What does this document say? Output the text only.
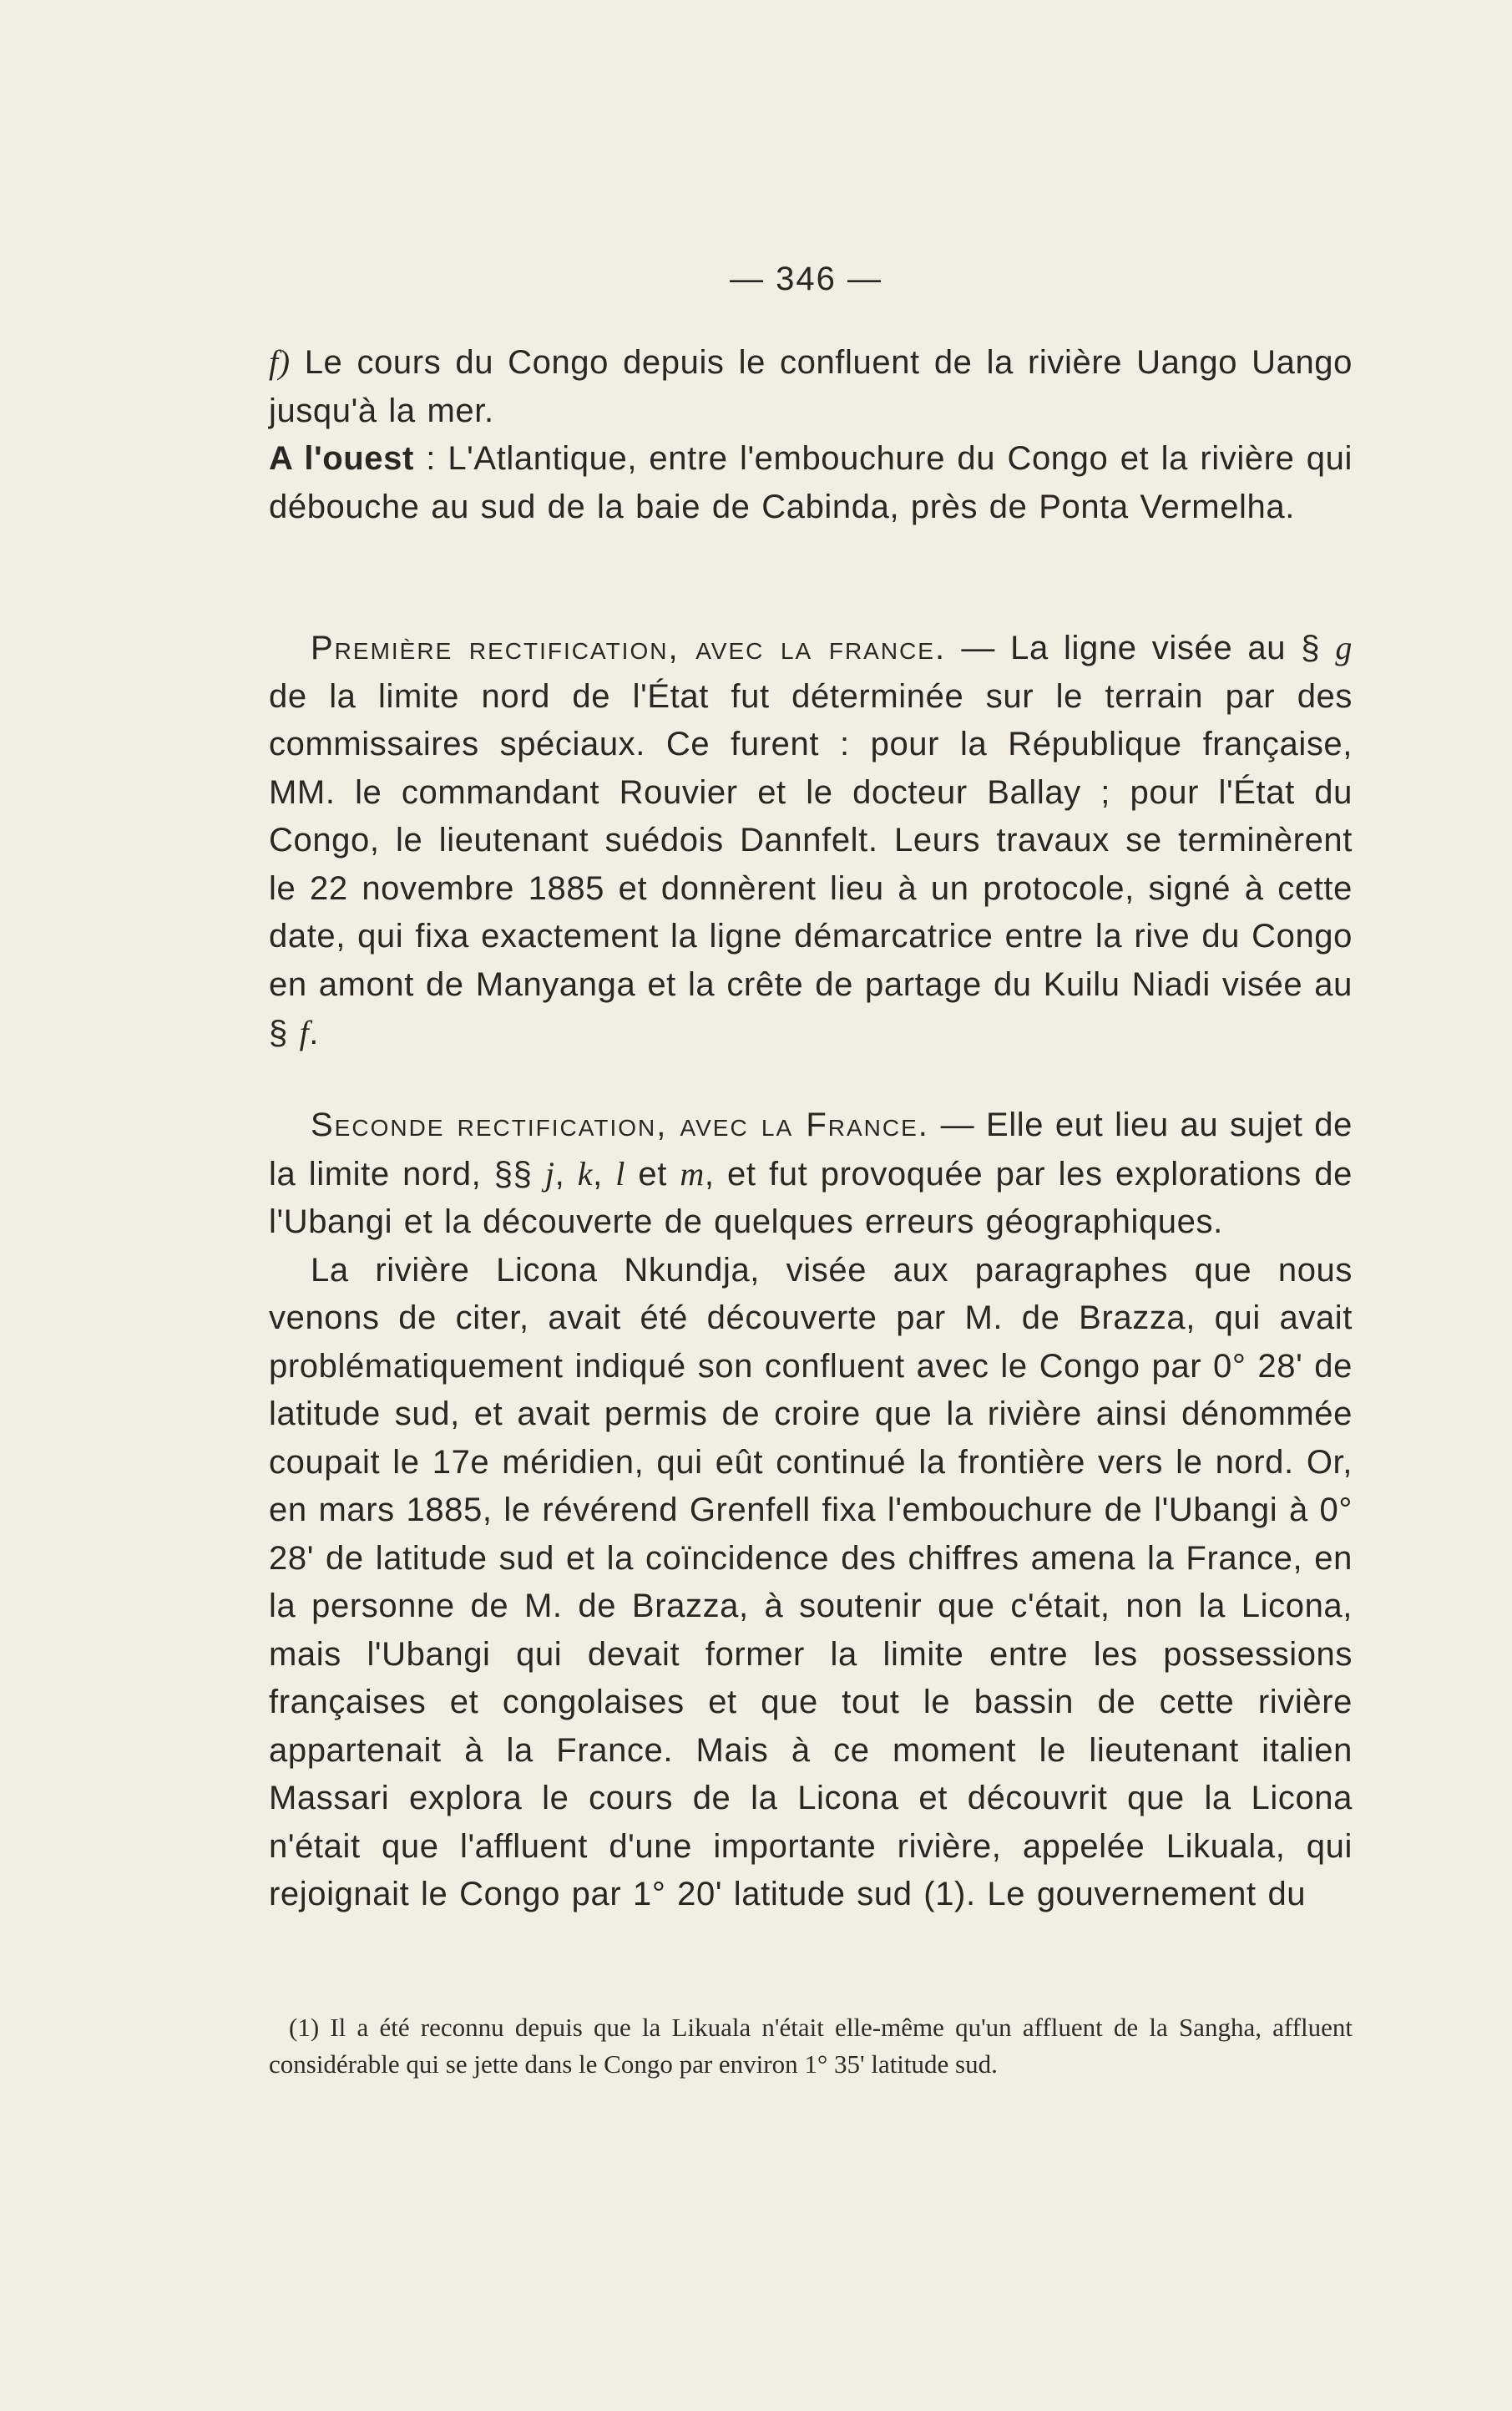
— 346 —

f) Le cours du Congo depuis le confluent de la rivière Uango Uango jusqu'à la mer.

A l'ouest : L'Atlantique, entre l'embouchure du Congo et la rivière qui débouche au sud de la baie de Cabinda, près de Ponta Vermelha.

Première rectification, avec la france. — La ligne visée au § g de la limite nord de l'État fut déterminée sur le terrain par des commissaires spéciaux. Ce furent : pour la République française, MM. le commandant Rouvier et le docteur Ballay ; pour l'État du Congo, le lieutenant suédois Dannfelt. Leurs travaux se terminèrent le 22 novembre 1885 et donnèrent lieu à un protocole, signé à cette date, qui fixa exactement la ligne démarcatrice entre la rive du Congo en amont de Manyanga et la crête de partage du Kuilu Niadi visée au § f.

Seconde rectification, avec la France. — Elle eut lieu au sujet de la limite nord, §§ j, k, l et m, et fut provoquée par les explorations de l'Ubangi et la découverte de quelques erreurs géographiques.

La rivière Licona Nkundja, visée aux paragraphes que nous venons de citer, avait été découverte par M. de Brazza, qui avait problématiquement indiqué son confluent avec le Congo par 0° 28' de latitude sud, et avait permis de croire que la rivière ainsi dénommée coupait le 17e méridien, qui eût continué la frontière vers le nord. Or, en mars 1885, le révérend Grenfell fixa l'embouchure de l'Ubangi à 0° 28' de latitude sud et la coïncidence des chiffres amena la France, en la personne de M. de Brazza, à soutenir que c'était, non la Licona, mais l'Ubangi qui devait former la limite entre les possessions françaises et congolaises et que tout le bassin de cette rivière appartenait à la France. Mais à ce moment le lieutenant italien Massari explora le cours de la Licona et découvrit que la Licona n'était que l'affluent d'une importante rivière, appelée Likuala, qui rejoignait le Congo par 1° 20' latitude sud (1). Le gouvernement du

(1) Il a été reconnu depuis que la Likuala n'était elle-même qu'un affluent de la Sangha, affluent considérable qui se jette dans le Congo par environ 1° 35' latitude sud.
